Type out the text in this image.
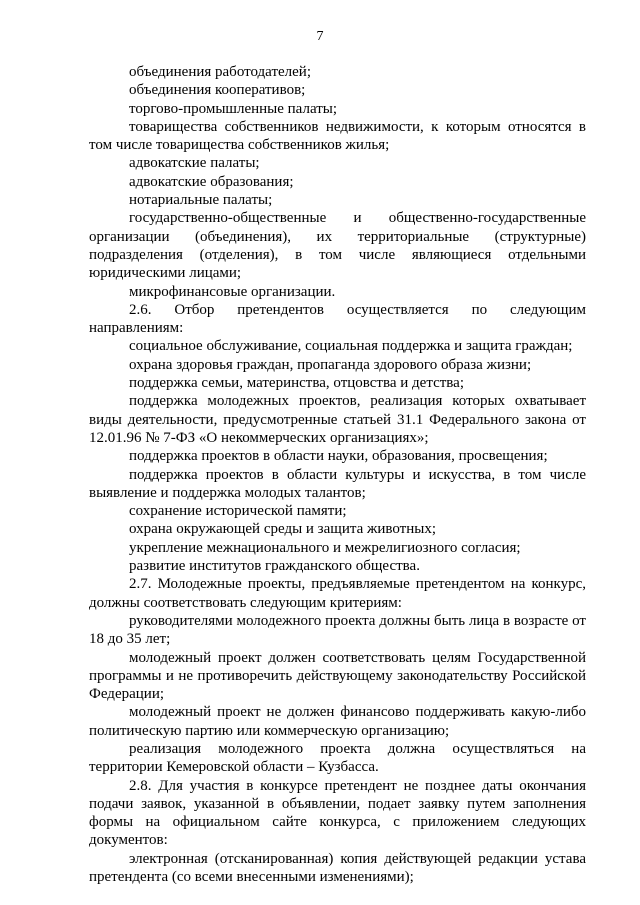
7

объединения работодателей;

объединения кооперативов;

торгово-промышленные палаты;

товарищества собственников недвижимости, к которым относятся в том числе товарищества собственников жилья;

адвокатские палаты;

адвокатские образования;

нотариальные палаты;

государственно-общественные и общественно-государственные организации (объединения), их территориальные (структурные) подразделения (отделения), в том числе являющиеся отдельными юридическими лицами;

микрофинансовые организации.

2.6. Отбор претендентов осуществляется по следующим направлениям:

социальное обслуживание, социальная поддержка и защита граждан;

охрана здоровья граждан, пропаганда здорового образа жизни;

поддержка семьи, материнства, отцовства и детства;

поддержка молодежных проектов, реализация которых охватывает виды деятельности, предусмотренные статьей 31.1 Федерального закона от 12.01.96 № 7-ФЗ «О некоммерческих организациях»;

поддержка проектов в области науки, образования, просвещения;

поддержка проектов в области культуры и искусства, в том числе выявление и поддержка молодых талантов;

сохранение исторической памяти;

охрана окружающей среды и защита животных;

укрепление межнационального и межрелигиозного согласия;

развитие институтов гражданского общества.

2.7. Молодежные проекты, предъявляемые претендентом на конкурс, должны соответствовать следующим критериям:

руководителями молодежного проекта должны быть лица в возрасте от 18 до 35 лет;

молодежный проект должен соответствовать целям Государственной программы и не противоречить действующему законодательству Российской Федерации;

молодежный проект не должен финансово поддерживать какую-либо политическую партию или коммерческую организацию;

реализация молодежного проекта должна осуществляться на территории Кемеровской области – Кузбасса.

2.8. Для участия в конкурсе претендент не позднее даты окончания подачи заявок, указанной в объявлении, подает заявку путем заполнения формы на официальном сайте конкурса, с приложением следующих документов:

электронная (отсканированная) копия действующей редакции устава претендента (со всеми внесенными изменениями);
